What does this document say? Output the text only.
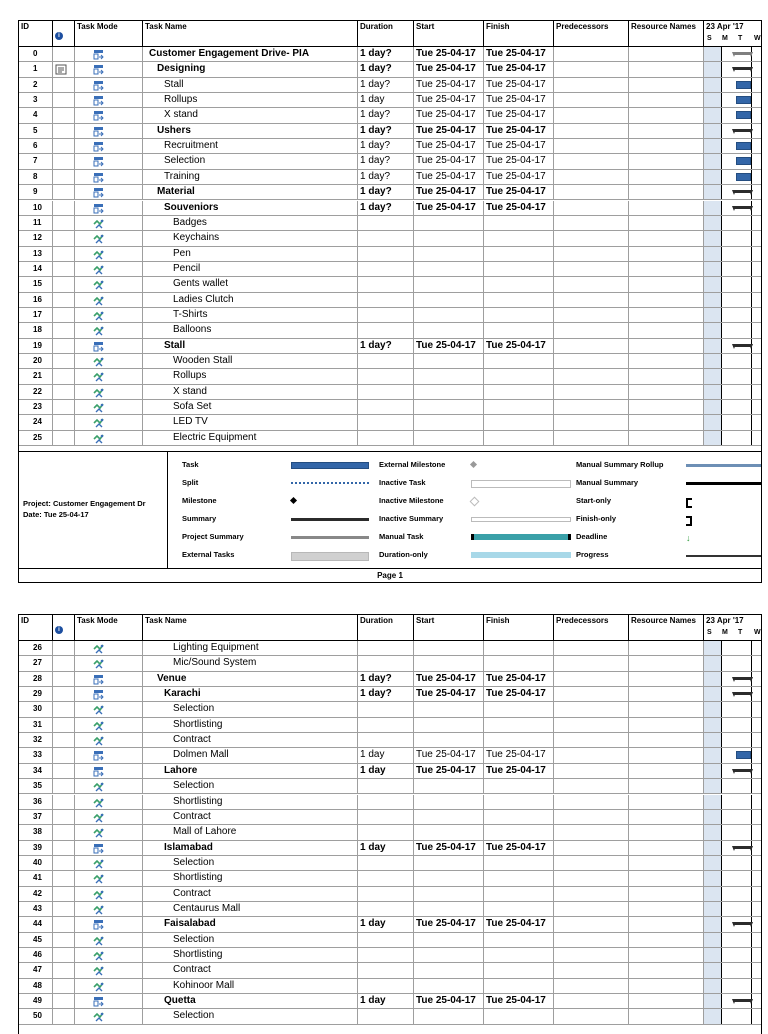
ID
i
Task Mode	Task Name	Duration	Start	Finish	Predecessors	Resource Names	23 Apr '17
S M T W
0	Customer Engagement Drive- PIA	1 day?	Tue 25-04-17	Tue 25-04-17
1	Designing	1 day?	Tue 25-04-17	Tue 25-04-17
2	Stall	1 day?	Tue 25-04-17	Tue 25-04-17
3	Rollups	1 day	Tue 25-04-17	Tue 25-04-17
4	X stand	1 day?	Tue 25-04-17	Tue 25-04-17
5	Ushers	1 day?	Tue 25-04-17	Tue 25-04-17
6	Recruitment	1 day?	Tue 25-04-17	Tue 25-04-17
7	Selection	1 day?	Tue 25-04-17	Tue 25-04-17
8	Training	1 day?	Tue 25-04-17	Tue 25-04-17
9	Material	1 day?	Tue 25-04-17	Tue 25-04-17
10	Souveniors	1 day?	Tue 25-04-17	Tue 25-04-17
11	Badges
12	Keychains
13	Pen
14	Pencil
15	Gents wallet
16	Ladies Clutch
17	T-Shirts
18	Balloons
19	Stall	1 day?	Tue 25-04-17	Tue 25-04-17
20	Wooden Stall
21	Rollups
22	X stand
23	Sofa Set
24	LED TV
25	Electric Equipment
Project: Customer Engagement Dr
Date: Tue 25-04-17
Task
Split
Milestone
Summary
Project Summary
External Tasks
External Milestone
Inactive Task
Inactive Milestone
Inactive Summary
Manual Task
Duration-only
Manual Summary Rollup
Manual Summary
Start-only
Finish-only
Deadline	↓
Progress
Page 1
ID
i
Task Mode	Task Name	Duration	Start	Finish	Predecessors	Resource Names	23 Apr '17
S M T W
26	Lighting Equipment
27	Mic/Sound System
28	Venue	1 day?	Tue 25-04-17	Tue 25-04-17
29	Karachi	1 day?	Tue 25-04-17	Tue 25-04-17
30	Selection
31	Shortlisting
32	Contract
33	Dolmen Mall	1 day	Tue 25-04-17	Tue 25-04-17
34	Lahore	1 day	Tue 25-04-17	Tue 25-04-17
35	Selection
36	Shortlisting
37	Contract
38	Mall of Lahore
39	Islamabad	1 day	Tue 25-04-17	Tue 25-04-17
40	Selection
41	Shortlisting
42	Contract
43	Centaurus Mall
44	Faisalabad	1 day	Tue 25-04-17	Tue 25-04-17
45	Selection
46	Shortlisting
47	Contract
48	Kohinoor Mall
49	Quetta	1 day	Tue 25-04-17	Tue 25-04-17
50	Selection
